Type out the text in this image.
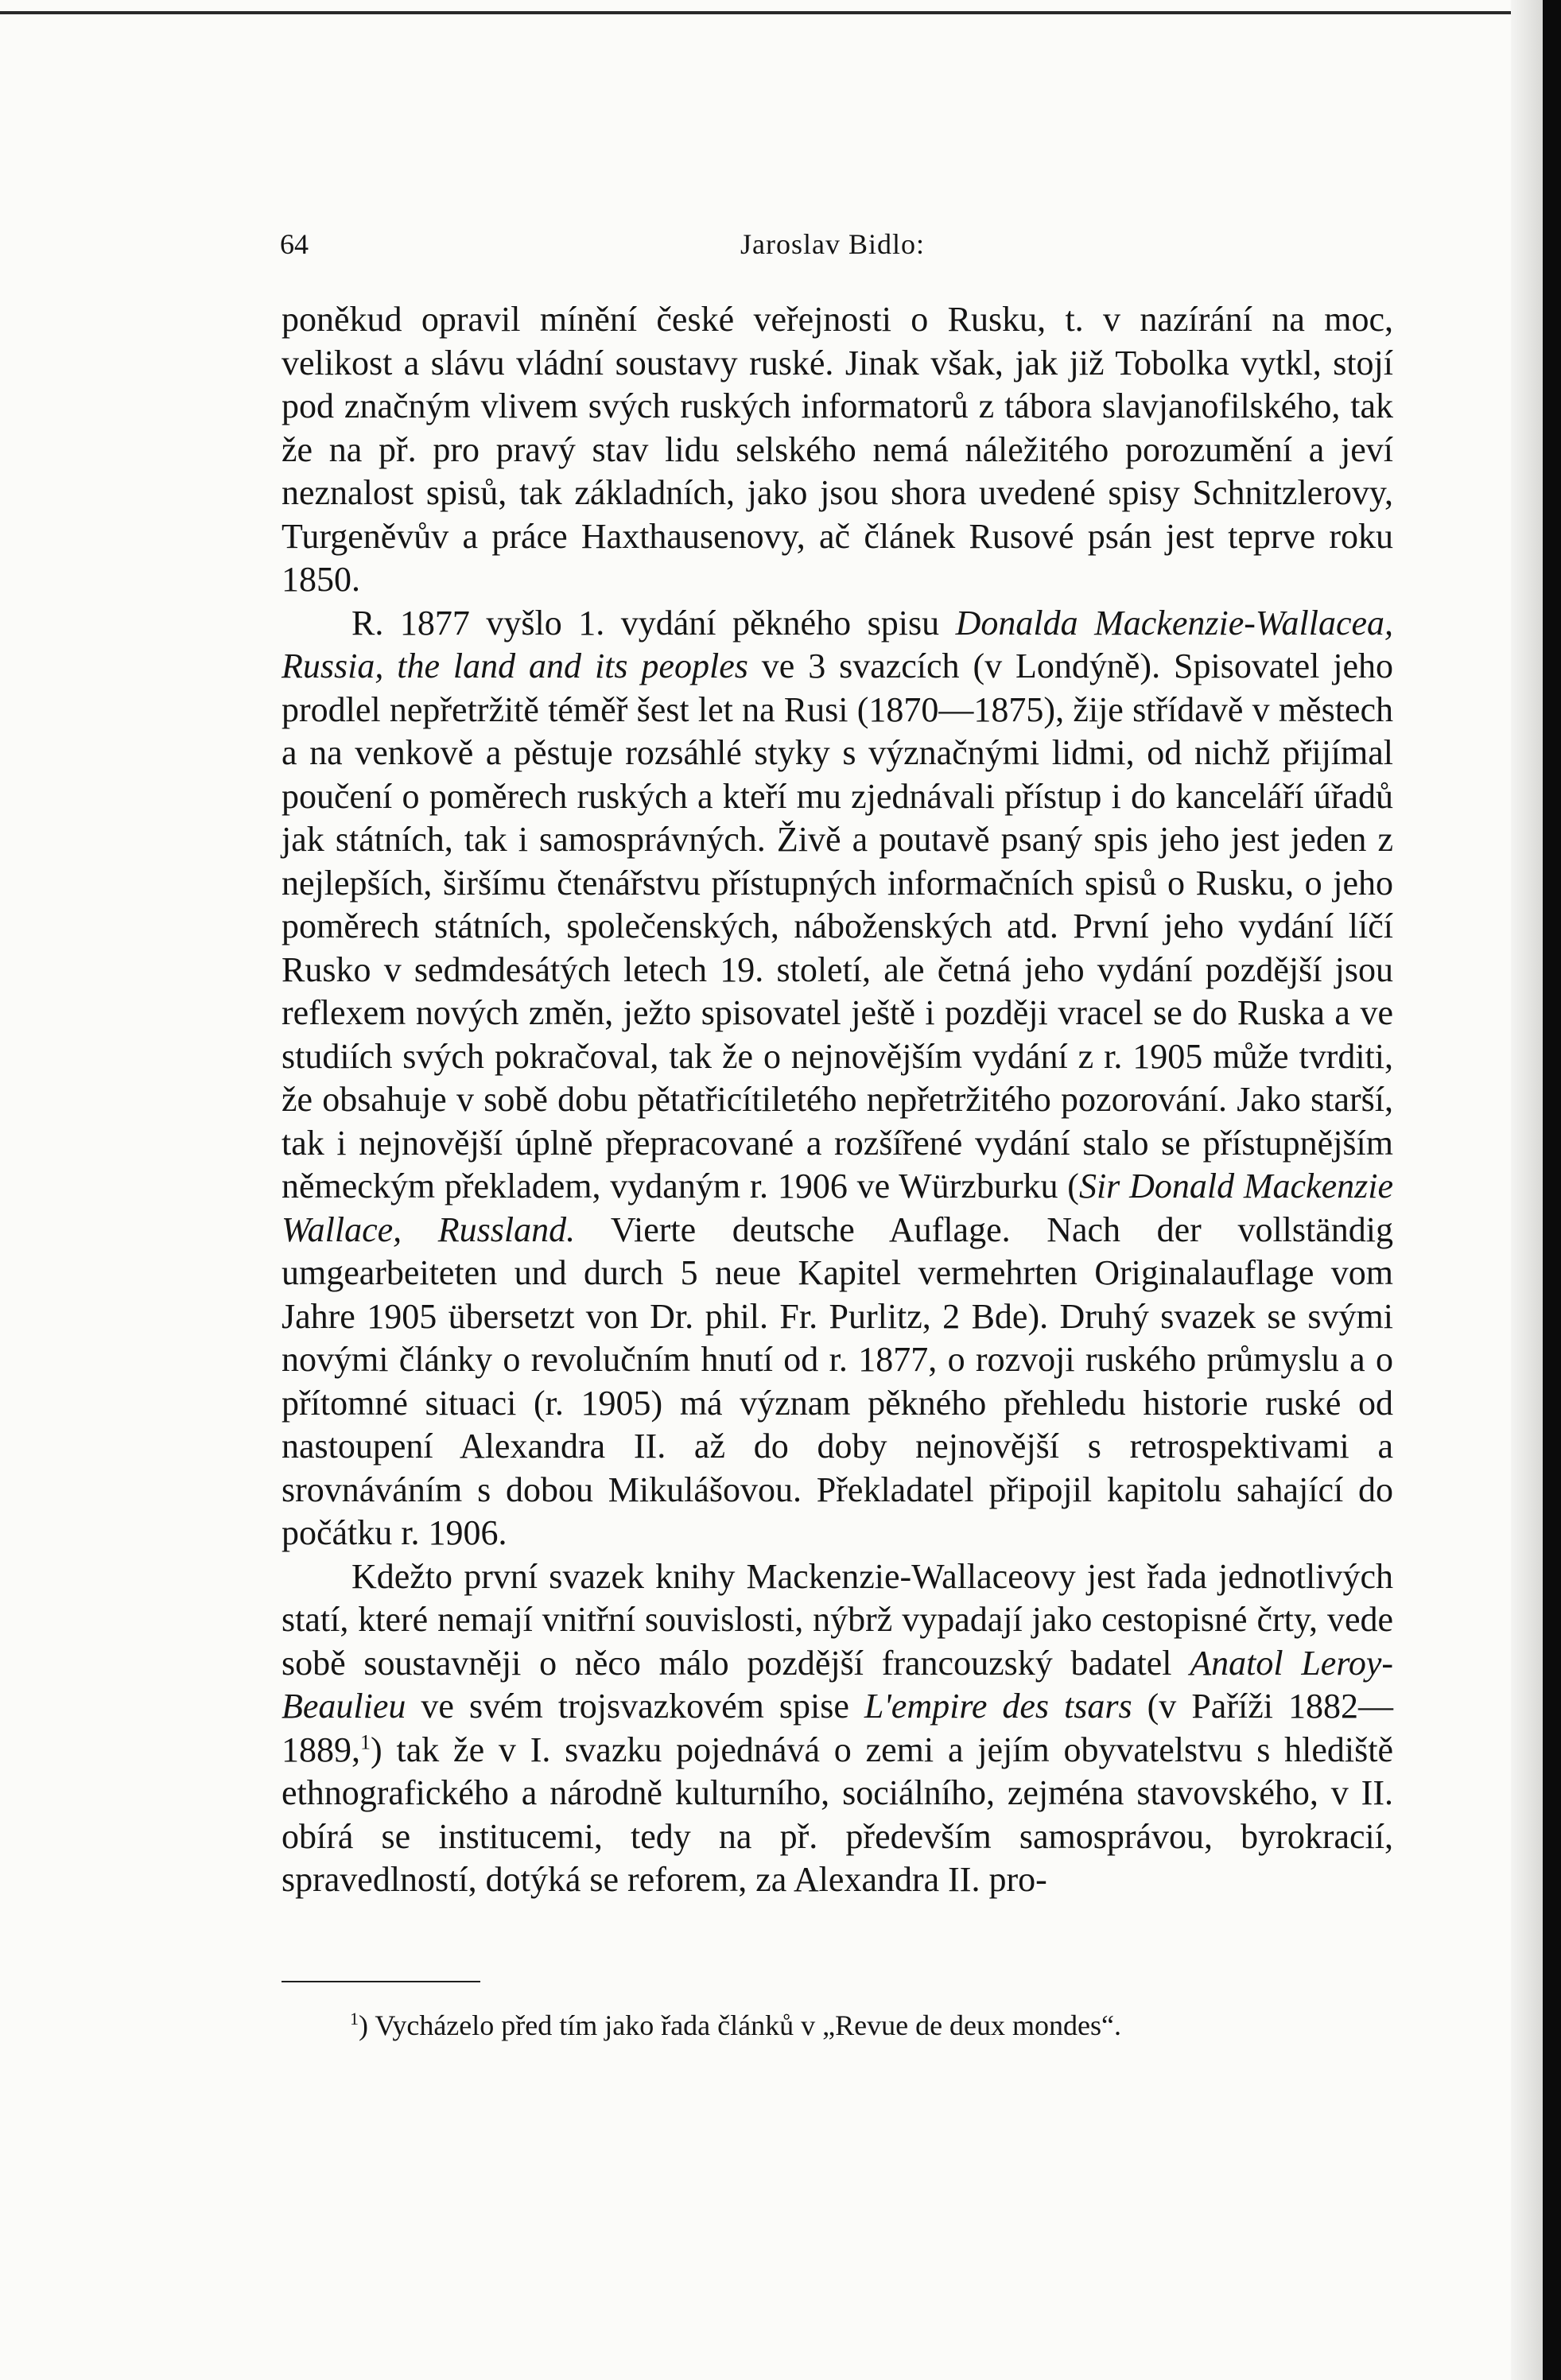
64	Jaroslav Bidlo:

poněkud opravil mínění české veřejnosti o Rusku, t. v nazírání na moc, velikost a slávu vládní soustavy ruské. Jinak však, jak již Tobolka vytkl, stojí pod značným vlivem svých ruských informatorů z tábora slavjanofilského, tak že na př. pro pravý stav lidu selského nemá náležitého porozumění a jeví neznalost spisů, tak základních, jako jsou shora uvedené spisy Schnitzlerovy, Turgeněvův a práce Haxthausenovy, ač článek Rusové psán jest teprve roku 1850.

R. 1877 vyšlo 1. vydání pěkného spisu Donalda Mackenzie-Wallacea, Russia, the land and its peoples ve 3 svazcích (v Londýně). Spisovatel jeho prodlel nepřetržitě téměř šest let na Rusi (1870—1875), žije střídavě v městech a na venkově a pěstuje rozsáhlé styky s význačnými lidmi, od nichž přijímal poučení o poměrech ruských a kteří mu zjednávali přístup i do kanceláří úřadů jak státních, tak i samosprávných. Živě a poutavě psaný spis jeho jest jeden z nejlepších, širšímu čtenářstvu přístupných informačních spisů o Rusku, o jeho poměrech státních, společenských, náboženských atd. První jeho vydání líčí Rusko v sedmdesátých letech 19. století, ale četná jeho vydání pozdější jsou reflexem nových změn, ježto spisovatel ještě i později vracel se do Ruska a ve studiích svých pokračoval, tak že o nejnovějším vydání z r. 1905 může tvrditi, že obsahuje v sobě dobu pětatřicítiletého nepřetržitého pozorování. Jako starší, tak i nejnovější úplně přepracované a rozšířené vydání stalo se přístupnějším německým překladem, vydaným r. 1906 ve Würzburku (Sir Donald Mackenzie Wallace, Russland. Vierte deutsche Auflage. Nach der vollständig umgearbeiteten und durch 5 neue Kapitel vermehrten Originalauflage vom Jahre 1905 übersetzt von Dr. phil. Fr. Purlitz, 2 Bde). Druhý svazek se svými novými články o revolučním hnutí od r. 1877, o rozvoji ruského průmyslu a o přítomné situaci (r. 1905) má význam pěkného přehledu historie ruské od nastoupení Alexandra II. až do doby nejnovější s retrospektivami a srovnáváním s dobou Mikulášovou. Překladatel připojil kapitolu sahající do počátku r. 1906.

Kdežto první svazek knihy Mackenzie-Wallaceovy jest řada jednotlivých statí, které nemají vnitřní souvislosti, nýbrž vypadají jako cestopisné črty, vede sobě soustavněji o něco málo pozdější francouzský badatel Anatol Leroy-Beaulieu ve svém trojsvazkovém spise L'empire des tsars (v Paříži 1882—1889,$^1$) tak že v I. svazku pojednává o zemi a jejím obyvatelstvu s hlediště ethnografického a národně kulturního, sociálního, zejména stavovského, v II. obírá se institucemi, tedy na př. především samosprávou, byrokracií, spravedlností, dotýká se reforem, za Alexandra II. pro-

$^1$) Vycházelo před tím jako řada článků v „Revue de deux mondes“.
